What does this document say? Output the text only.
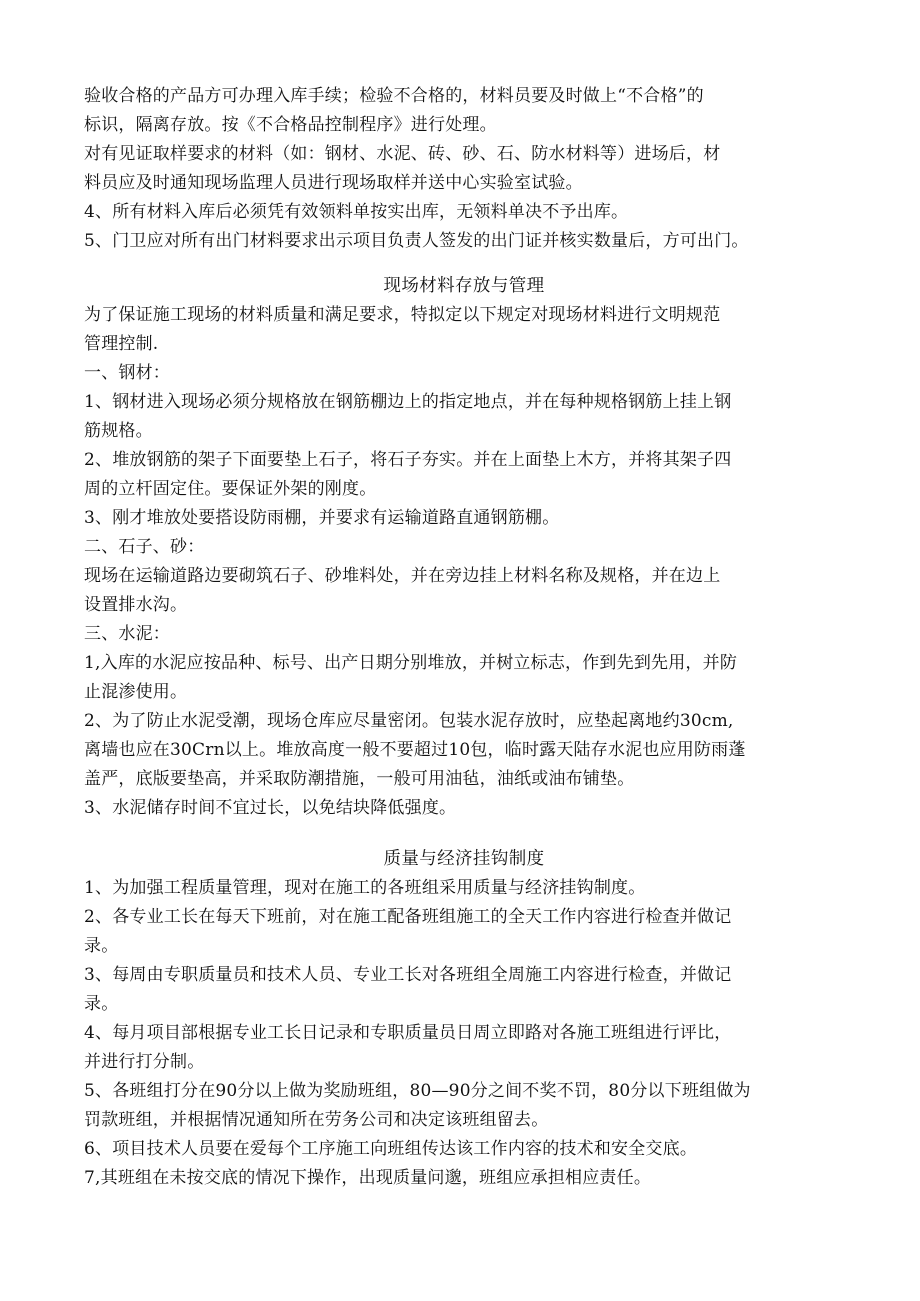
验收合格的产品方可办理入库手续；检验不合格的，材料员要及时做上“不合格”的
标识，隔离存放。按《不合格品控制程序》进行处理。
对有见证取样要求的材料（如：钢材、水泥、砖、砂、石、防水材料等）进场后，材
料员应及时通知现场监理人员进行现场取样并送中心实验室试验。
4、所有材料入库后必须凭有效领料单按实出库，无领料单决不予出库。
5、门卫应对所有出门材料要求出示项目负责人签发的出门证并核实数量后，方可出门。
现场材料存放与管理
为了保证施工现场的材料质量和满足要求，特拟定以下规定对现场材料进行文明规范
管理控制.
一、钢材：
1、钢材进入现场必须分规格放在钢筋棚边上的指定地点，并在每种规格钢筋上挂上钢
筋规格。
2、堆放钢筋的架子下面要垫上石子，将石子夯实。并在上面垫上木方，并将其架子四
周的立杆固定住。要保证外架的刚度。
3、刚才堆放处要搭设防雨棚，并要求有运输道路直通钢筋棚。
二、石子、砂：
现场在运输道路边要砌筑石子、砂堆料处，并在旁边挂上材料名称及规格，并在边上
设置排水沟。
三、水泥：
1,入库的水泥应按品种、标号、出产日期分别堆放，并树立标志，作到先到先用，并防
止混渗使用。
2、为了防止水泥受潮，现场仓库应尽量密闭。包装水泥存放时，应垫起离地约30cm,
离墙也应在30Crn以上。堆放高度一般不要超过10包，临时露天陆存水泥也应用防雨蓬
盖严，底版要垫高，并采取防潮措施，一般可用油毡，油纸或油布铺垫。
3、水泥储存时间不宜过长，以免结块降低强度。
质量与经济挂钩制度
1、为加强工程质量管理，现对在施工的各班组采用质量与经济挂钩制度。
2、各专业工长在每天下班前，对在施工配备班组施工的全天工作内容进行检查并做记
录。
3、每周由专职质量员和技术人员、专业工长对各班组全周施工内容进行检查，并做记
录。
4、每月项目部根据专业工长日记录和专职质量员日周立即路对各施工班组进行评比，
并进行打分制。
5、各班组打分在90分以上做为奖励班组，80—90分之间不奖不罚，80分以下班组做为
罚款班组，并根据情况通知所在劳务公司和决定该班组留去。
6、项目技术人员要在爱每个工序施工向班组传达该工作内容的技术和安全交底。
7,其班组在未按交底的情况下操作，出现质量问邈，班组应承担相应责任。
